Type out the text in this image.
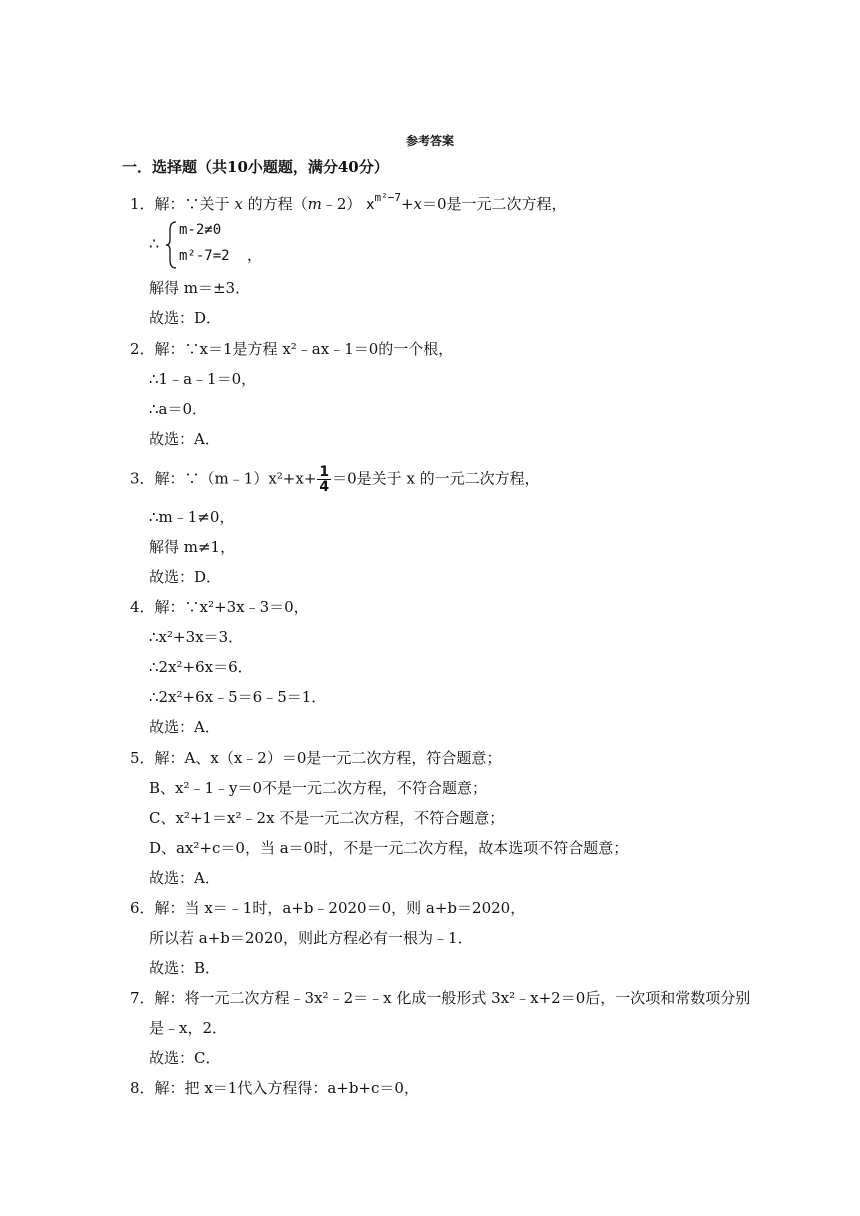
参考答案
一．选择题（共10小题题，满分40分）
1．解：∵关于 x 的方程（m﹣2） $x^{m^2-7}+x=0$是一元二次方程，
∴
m-2≠0
m²-7=2 ，
解得 m＝±3．
故选：D．
2．解：∵x＝1是方程 x²﹣ax﹣1＝0的一个根，
∴1﹣a﹣1＝0，
∴a＝0．
故选：A．
3．解：∵（m﹣1）x²+x+ $\frac{1}{4} =0$是关于 x 的一元二次方程，
∴m﹣1≠0，
解得 m≠1，
故选：D．
4．解：∵x²+3x﹣3＝0，
∴x²+3x＝3．
∴2x²+6x＝6．
∴2x²+6x﹣5＝6﹣5＝1．
故选：A．
5．解：A、x（x﹣2）＝0是一元二次方程，符合题意；
B、x²﹣1﹣y＝0不是一元二次方程，不符合题意；
C、x²+1＝x²﹣2x 不是一元二次方程，不符合题意；
D、ax²+c＝0，当 a＝0时，不是一元二次方程，故本选项不符合题意；
故选：A．
6．解：当 x＝﹣1时，a+b﹣2020＝0，则 a+b＝2020，
所以若 a+b＝2020，则此方程必有一根为﹣1．
故选：B．
7．解：将一元二次方程﹣3x²﹣2＝﹣x 化成一般形式 3x²﹣x+2＝0后，一次项和常数项分别
是﹣x，2．
故选：C．
8．解：把 x＝1代入方程得：a+b+c＝0，
